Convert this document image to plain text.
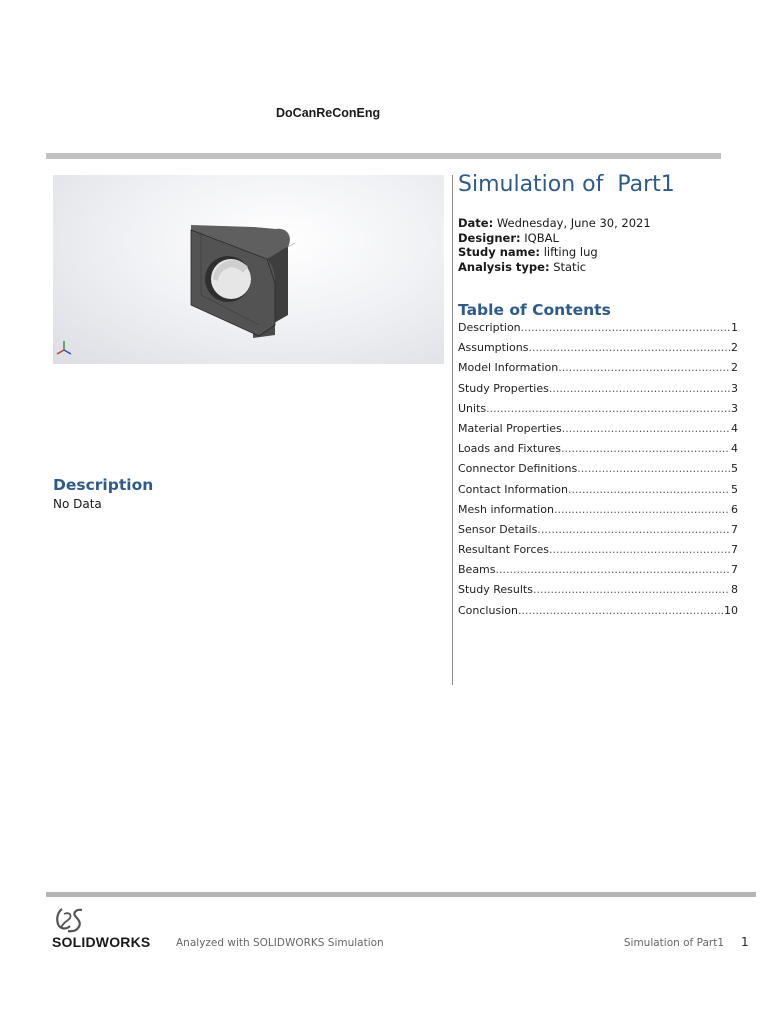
DoCanReConEng
Simulation of  Part1
Date: Wednesday, June 30, 2021
Designer: IQBAL
Study name: lifting lug
Analysis type: Static
Table of Contents
Description .....	1
Assumptions .....	2
Model Information .....	2
Study Properties .....	3
Units .....	3
Material Properties .....	4
Loads and Fixtures .....	4
Connector Definitions .....	5
Contact Information .....	5
Mesh information .....	6
Sensor Details .....	7
Resultant Forces .....	7
Beams .....	7
Study Results .....	8
Conclusion .....	10
Description
No Data
SOLIDWORKS Analyzed with SOLIDWORKS Simulation	Simulation of Part1 1
